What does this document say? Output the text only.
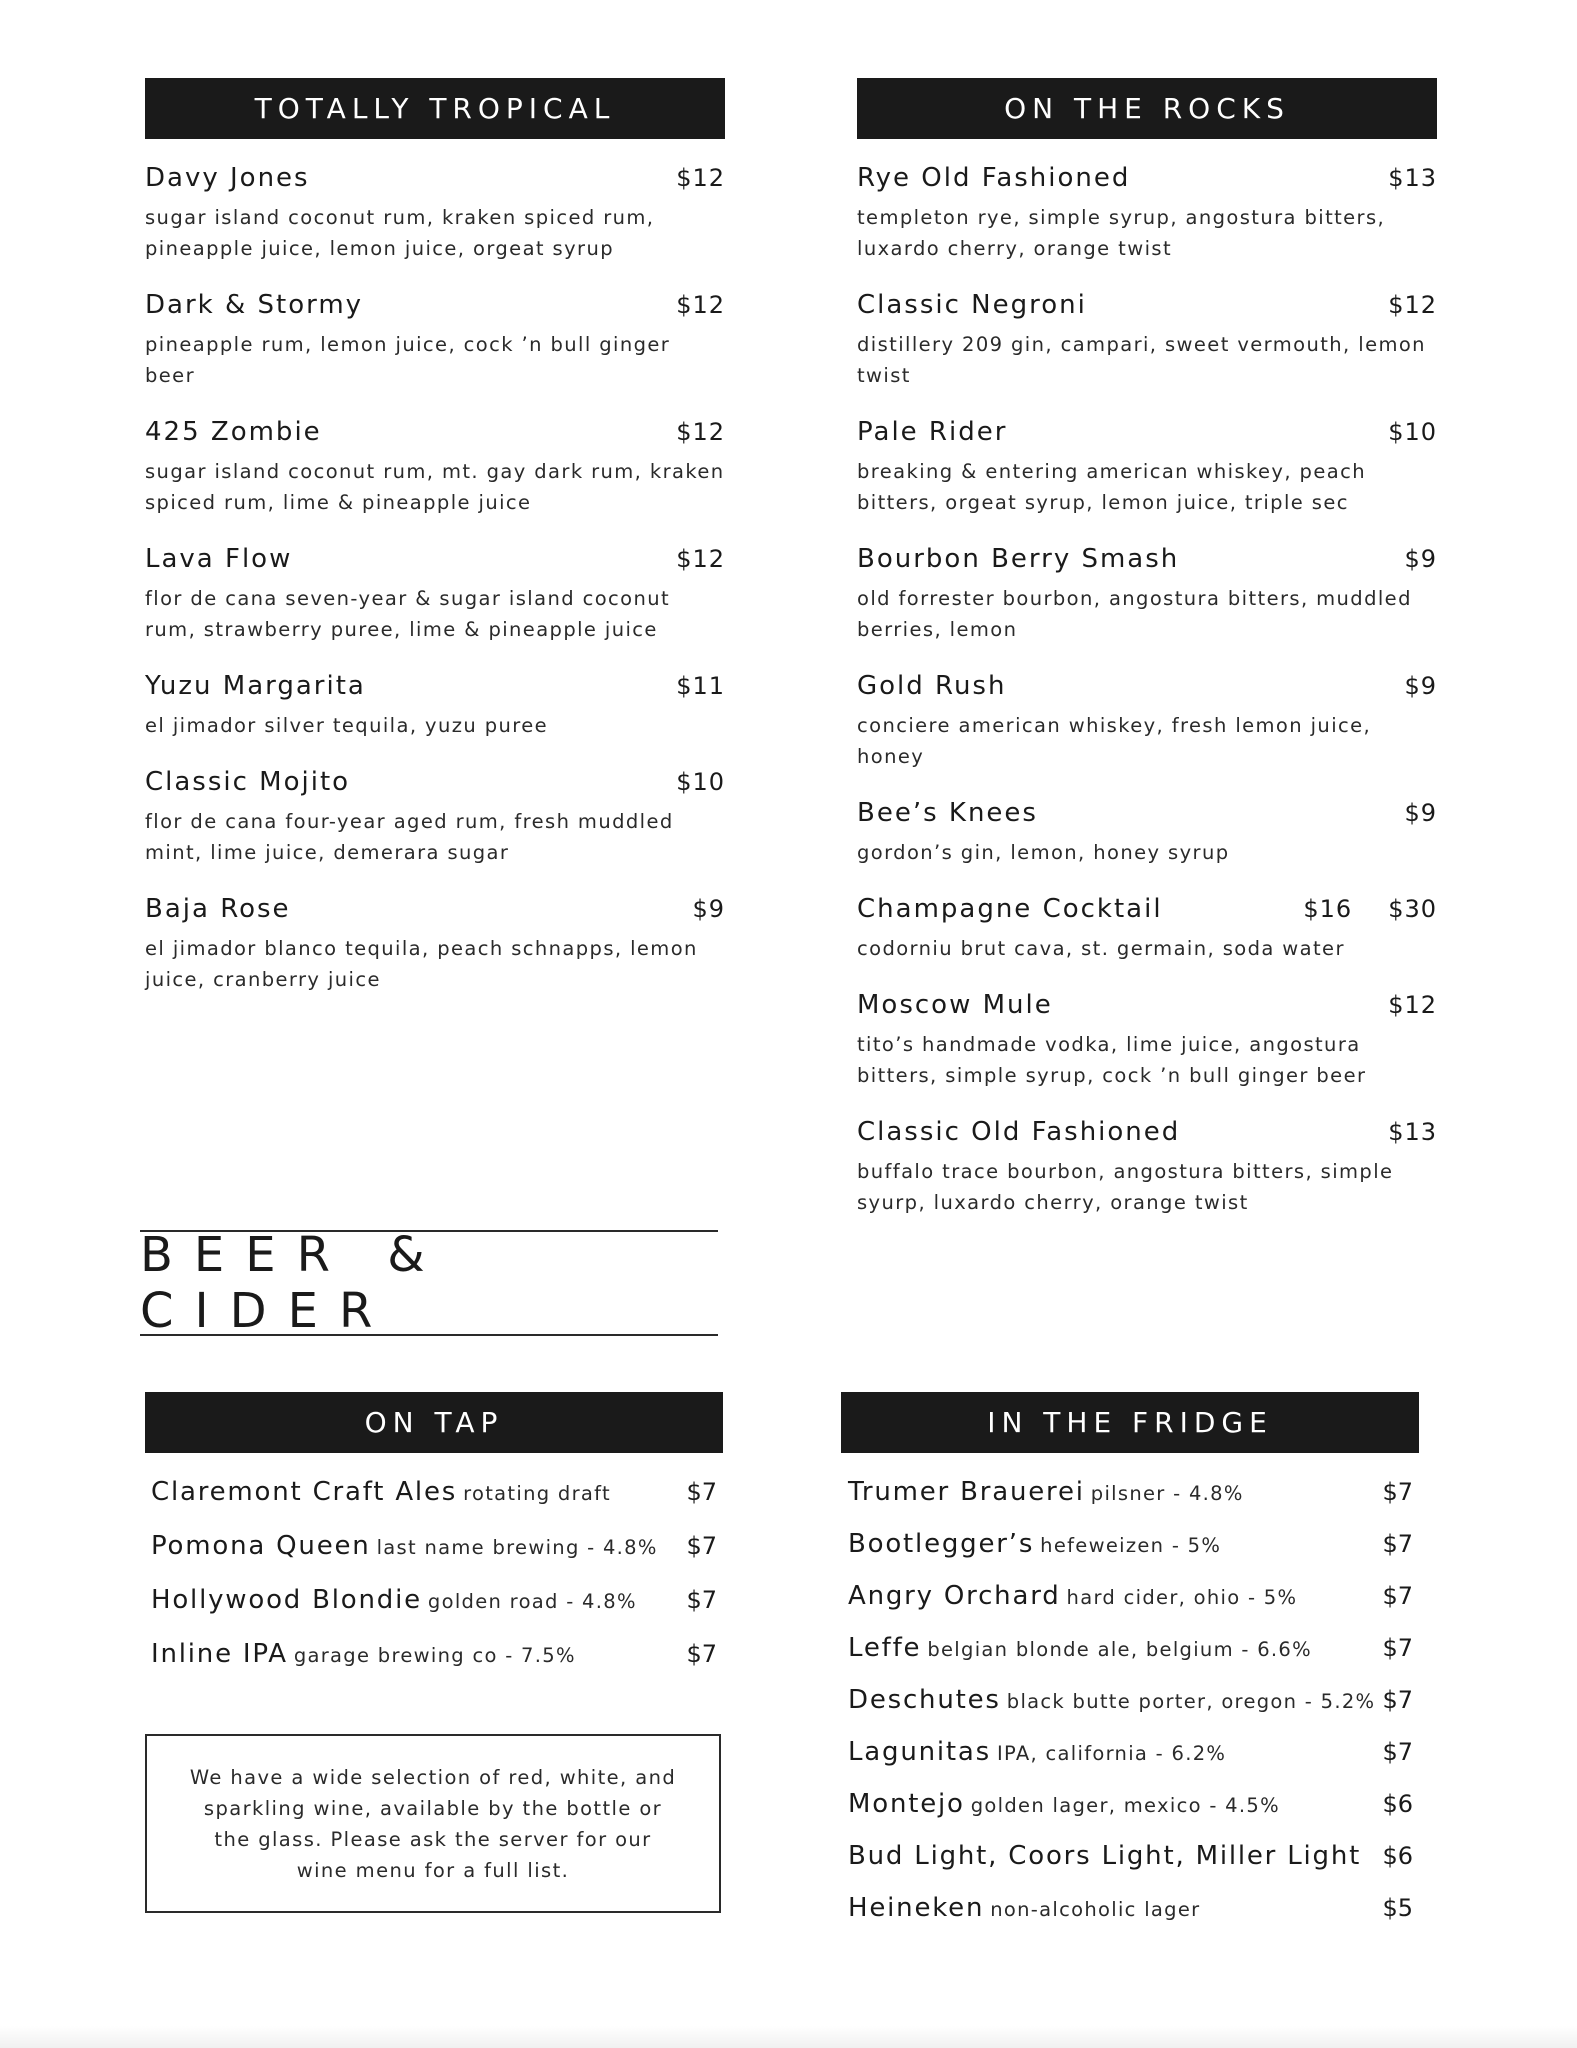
TOTALLY TROPICAL
Davy Jones	$12
sugar island coconut rum, kraken spiced rum, pineapple juice, lemon juice, orgeat syrup
Dark & Stormy	$12
pineapple rum, lemon juice, cock ’n bull ginger beer
425 Zombie	$12
sugar island coconut rum, mt. gay dark rum, kraken spiced rum, lime & pineapple juice
Lava Flow	$12
flor de cana seven-year & sugar island coconut rum, strawberry puree, lime & pineapple juice
Yuzu Margarita	$11
el jimador silver tequila, yuzu puree
Classic Mojito	$10
flor de cana four-year aged rum, fresh muddled mint, lime juice, demerara sugar
Baja Rose	$9
el jimador blanco tequila, peach schnapps, lemon juice, cranberry juice
ON THE ROCKS
Rye Old Fashioned	$13
templeton rye, simple syrup, angostura bitters, luxardo cherry, orange twist
Classic Negroni	$12
distillery 209 gin, campari, sweet vermouth, lemon twist
Pale Rider	$10
breaking & entering american whiskey, peach bitters, orgeat syrup, lemon juice, triple sec
Bourbon Berry Smash	$9
old forrester bourbon, angostura bitters, muddled berries, lemon
Gold Rush	$9
conciere american whiskey, fresh lemon juice, honey
Bee’s Knees	$9
gordon’s gin, lemon, honey syrup
Champagne Cocktail	$16 $30
codorniu brut cava, st. germain, soda water
Moscow Mule	$12
tito’s handmade vodka, lime juice, angostura bitters, simple syrup, cock ’n bull ginger beer
Classic Old Fashioned	$13
buffalo trace bourbon, angostura bitters, simple syurp, luxardo cherry, orange twist
BEER & CIDER
ON TAP
Claremont Craft Ales rotating draft	$7
Pomona Queen last name brewing - 4.8% $7
Hollywood Blondie golden road - 4.8% $7
Inline IPA garage brewing co - 7.5%	$7
We have a wide selection of red, white, and sparkling wine, available by the bottle or the glass. Please ask the server for our wine menu for a full list.
IN THE FRIDGE
Trumer Brauerei pilsner - 4.8%	$7
Bootlegger’s hefeweizen - 5%	$7
Angry Orchard hard cider, ohio - 5%	$7
Leffe belgian blonde ale, belgium - 6.6%	$7
Deschutes black butte porter, oregon - 5.2% $7
Lagunitas IPA, california - 6.2%	$7
Montejo golden lager, mexico - 4.5%	$6
Bud Light, Coors Light, Miller Light $6
Heineken non-alcoholic lager	$5
